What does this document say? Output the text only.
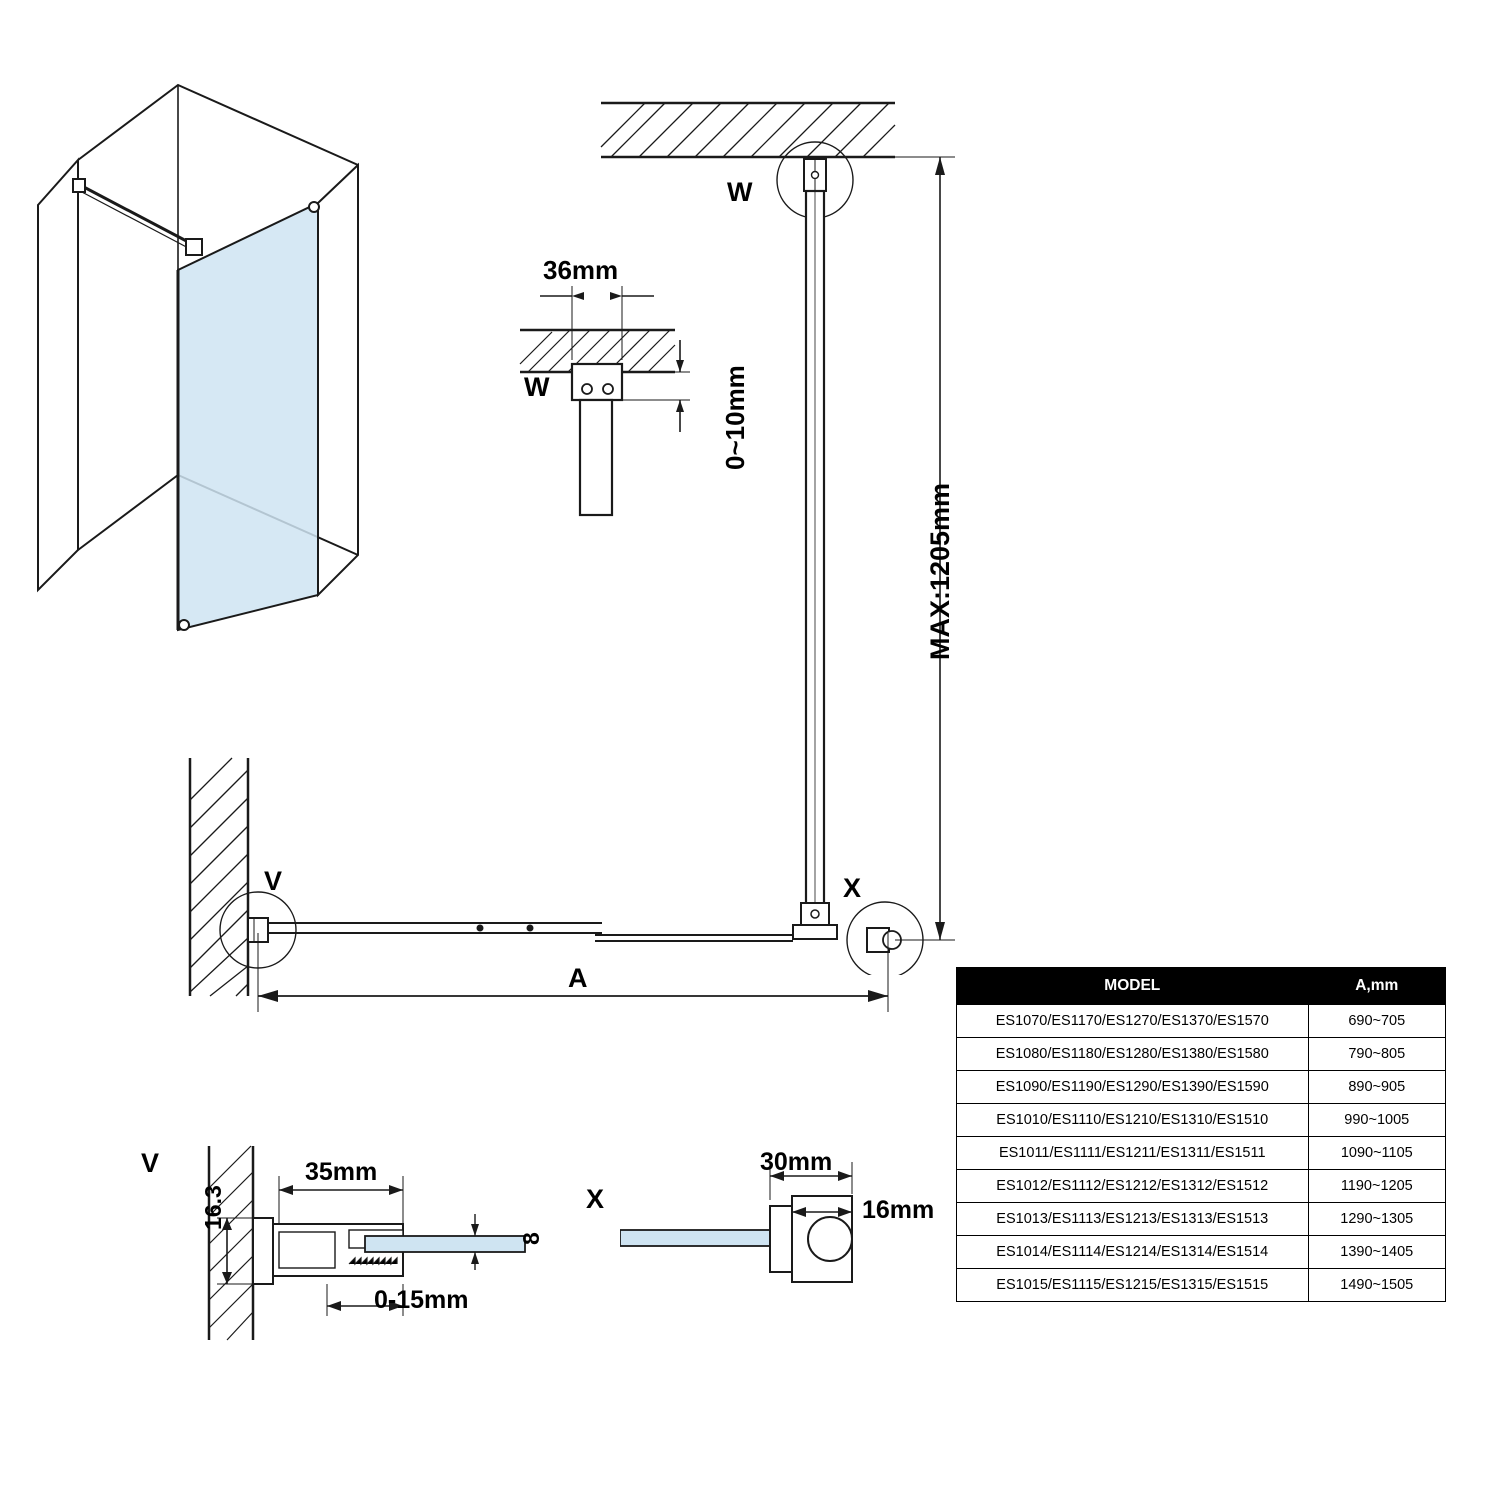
36mm
0~10mm
W
W
X
MAX:1205mm
V
A
V
16.3
35mm
8
0-15mm
X
30mm
16mm
MODEL	A,mm
ES1070/ES1170/ES1270/ES1370/ES1570	690~705
ES1080/ES1180/ES1280/ES1380/ES1580	790~805
ES1090/ES1190/ES1290/ES1390/ES1590	890~905
ES1010/ES1110/ES1210/ES1310/ES1510	990~1005
ES1011/ES1111/ES1211/ES1311/ES1511	1090~1105
ES1012/ES1112/ES1212/ES1312/ES1512	1190~1205
ES1013/ES1113/ES1213/ES1313/ES1513	1290~1305
ES1014/ES1114/ES1214/ES1314/ES1514	1390~1405
ES1015/ES1115/ES1215/ES1315/ES1515	1490~1505
